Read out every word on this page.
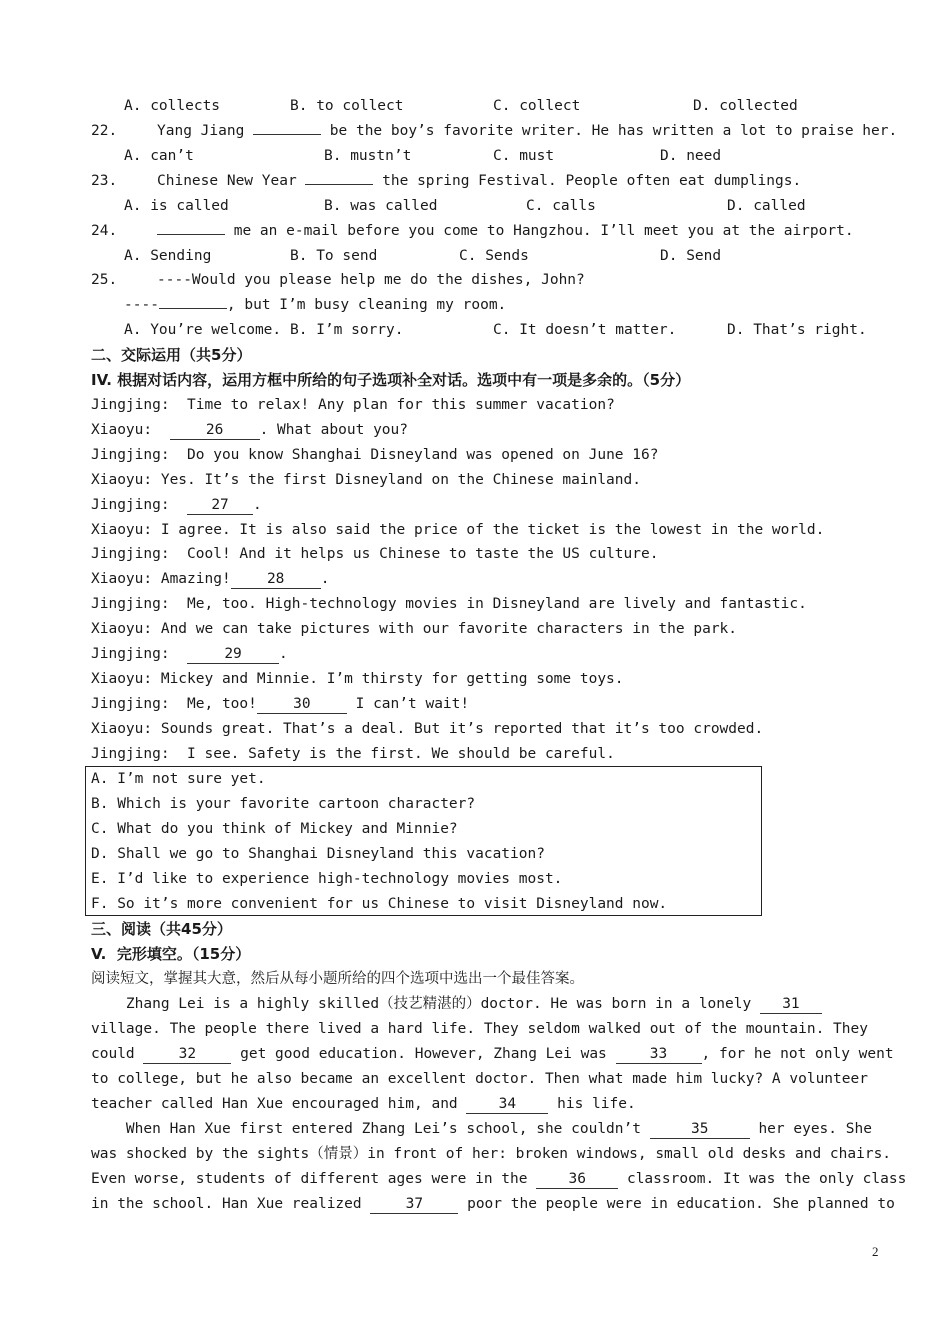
A. collects	B. to collect	C. collect	D. collected
22.	Yang Jiang	be the boy’s favorite writer. He has written a lot to praise her.
A. can’t	B. mustn’t	C. must	D. need
23.	Chinese New Year	the spring Festival. People often eat dumplings.
A. is called	B. was called	C. calls	D. called
24.	me an e-mail before you come to Hangzhou. I’ll meet you at the airport.
A. Sending	B. To send	C. Sends	D. Send
25.	----Would you please help me do the dishes, John?
----	, but I’m busy cleaning my room.
A. You’re welcome. B. I’m sorry.	C. It doesn’t matter.	D. That’s right.
二、交际运用（共5分）
IV. 根据对话内容，运用方框中所给的句子选项补全对话。选项中有一项是多余的。（5分）
Jingjing:  Time to relax! Any plan for this summer vacation?
Xiaoyu:	26	. What about you?
Jingjing:  Do you know Shanghai Disneyland was opened on June 16?
Xiaoyu: Yes. It’s the first Disneyland on the Chinese mainland.
Jingjing:	27 .
Xiaoyu: I agree. It is also said the price of the ticket is the lowest in the world.
Jingjing:  Cool! And it helps us Chinese to taste the US culture.
Xiaoyu: Amazing!	28	.
Jingjing:  Me, too. High-technology movies in Disneyland are lively and fantastic.
Xiaoyu: And we can take pictures with our favorite characters in the park.
Jingjing:	29	.
Xiaoyu: Mickey and Minnie. I’m thirsty for getting some toys.
Jingjing:  Me, too!	30	I can’t wait!
Xiaoyu: Sounds great. That’s a deal. But it’s reported that it’s too crowded.
Jingjing:  I see. Safety is the first. We should be careful.
A. I’m not sure yet.
B. Which is your favorite cartoon character?
C. What do you think of Mickey and Minnie?
D. Shall we go to Shanghai Disneyland this vacation?
E. I’d like to experience high-technology movies most.
F. So it’s more convenient for us Chinese to visit Disneyland now.
三、阅读（共45分）
V.  完形填空。（15分）
阅读短文，掌握其大意，然后从每小题所给的四个选项中选出一个最佳答案。
Zhang Lei is a highly skilled（技艺精湛的）doctor. He was born in a lonely 31
village. The people there lived a hard life. They seldom walked out of the mountain. They
could	32	get good education. However, Zhang Lei was	33 , for he not only went
to college, but he also became an excellent doctor. Then what made him lucky? A volunteer
teacher called Han Xue encouraged him, and	34	his life.
When Han Xue first entered Zhang Lei’s school, she couldn’t	35	her eyes. She
was shocked by the sights（情景）in front of her: broken windows, small old desks and chairs.
Even worse, students of different ages were in the	36	classroom. It was the only class
in the school. Han Xue realized	37	poor the people were in education. She planned to
2
